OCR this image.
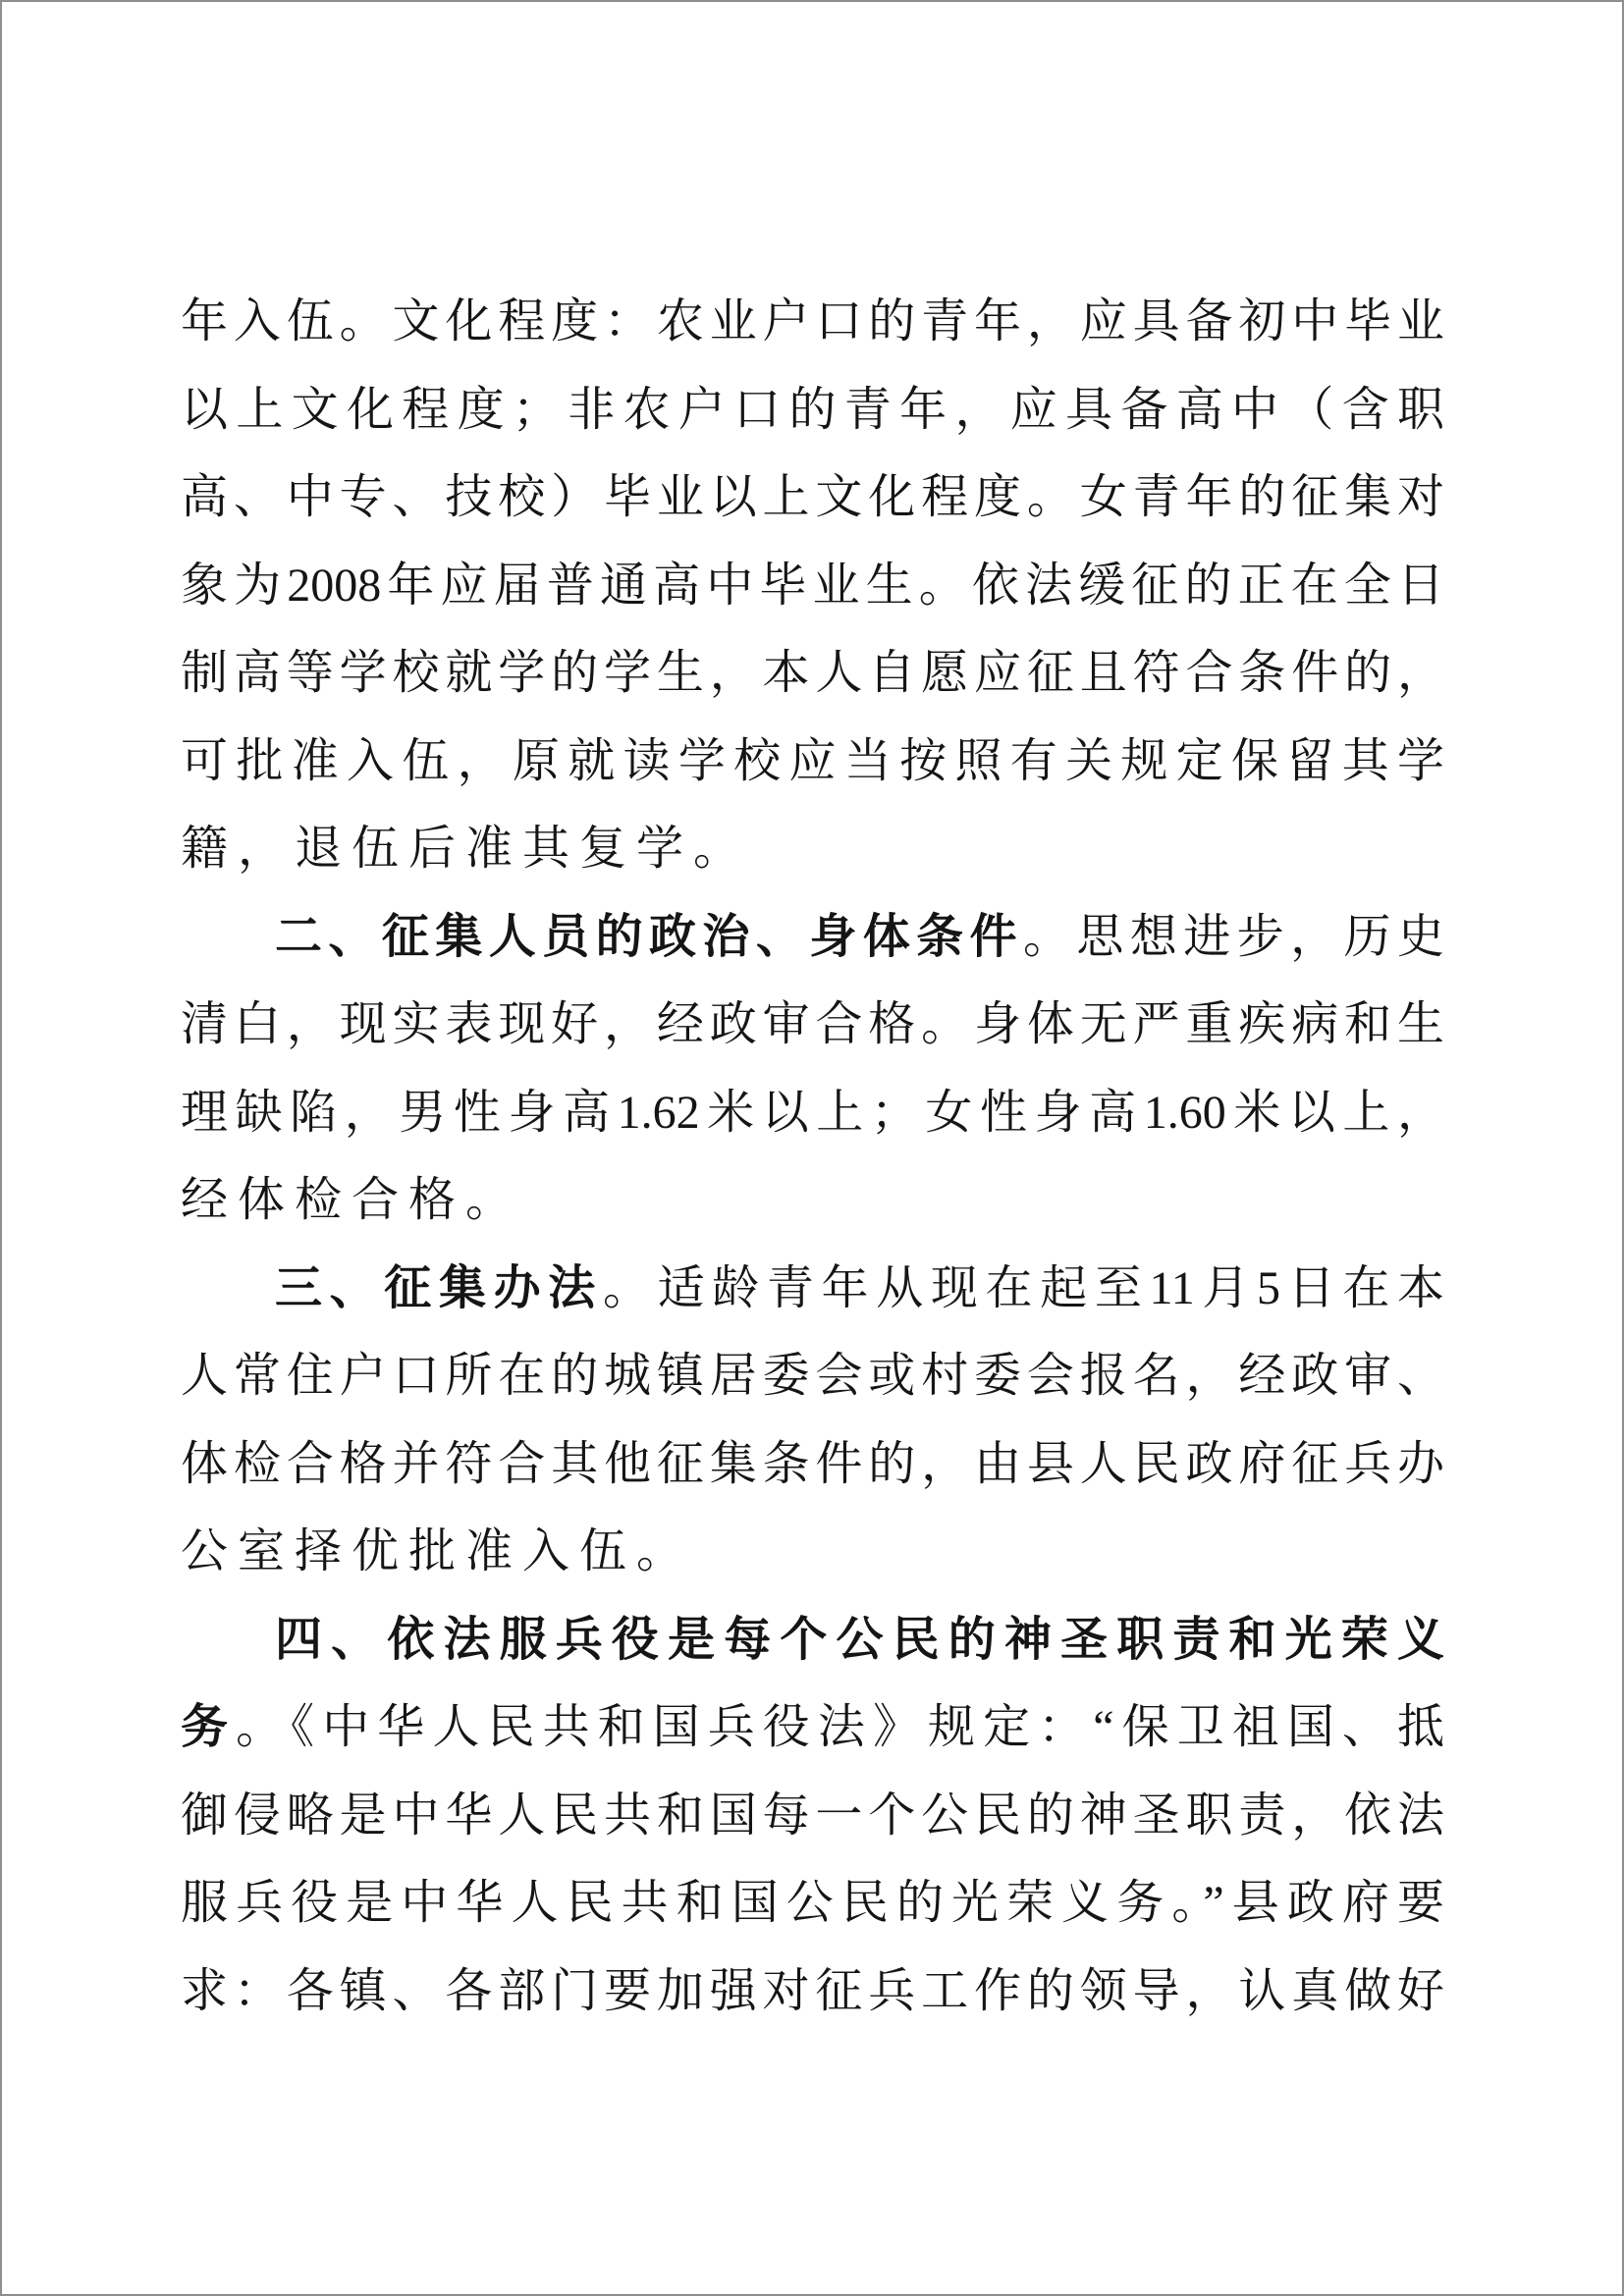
年入伍。文化程度：农业户口的青年，应具备初中毕业
以上文化程度；非农户口的青年，应具备高中（含职
高、中专、技校）毕业以上文化程度。女青年的征集对
象为2008年应届普通高中毕业生。依法缓征的正在全日
制高等学校就学的学生，本人自愿应征且符合条件的，
可批准入伍，原就读学校应当按照有关规定保留其学
籍，退伍后准其复学。
二、征集人员的政治、身体条件。思想进步，历史
清白，现实表现好，经政审合格。身体无严重疾病和生
理缺陷，男性身高1.62米以上；女性身高1.60米以上，
经体检合格。
三、征集办法。适龄青年从现在起至11月5日在本
人常住户口所在的城镇居委会或村委会报名，经政审、
体检合格并符合其他征集条件的，由县人民政府征兵办
公室择优批准入伍。
四、依法服兵役是每个公民的神圣职责和光荣义
务。《中华人民共和国兵役法》规定：“保卫祖国、抵
御侵略是中华人民共和国每一个公民的神圣职责，依法
服兵役是中华人民共和国公民的光荣义务。”县政府要
求：各镇、各部门要加强对征兵工作的领导，认真做好
